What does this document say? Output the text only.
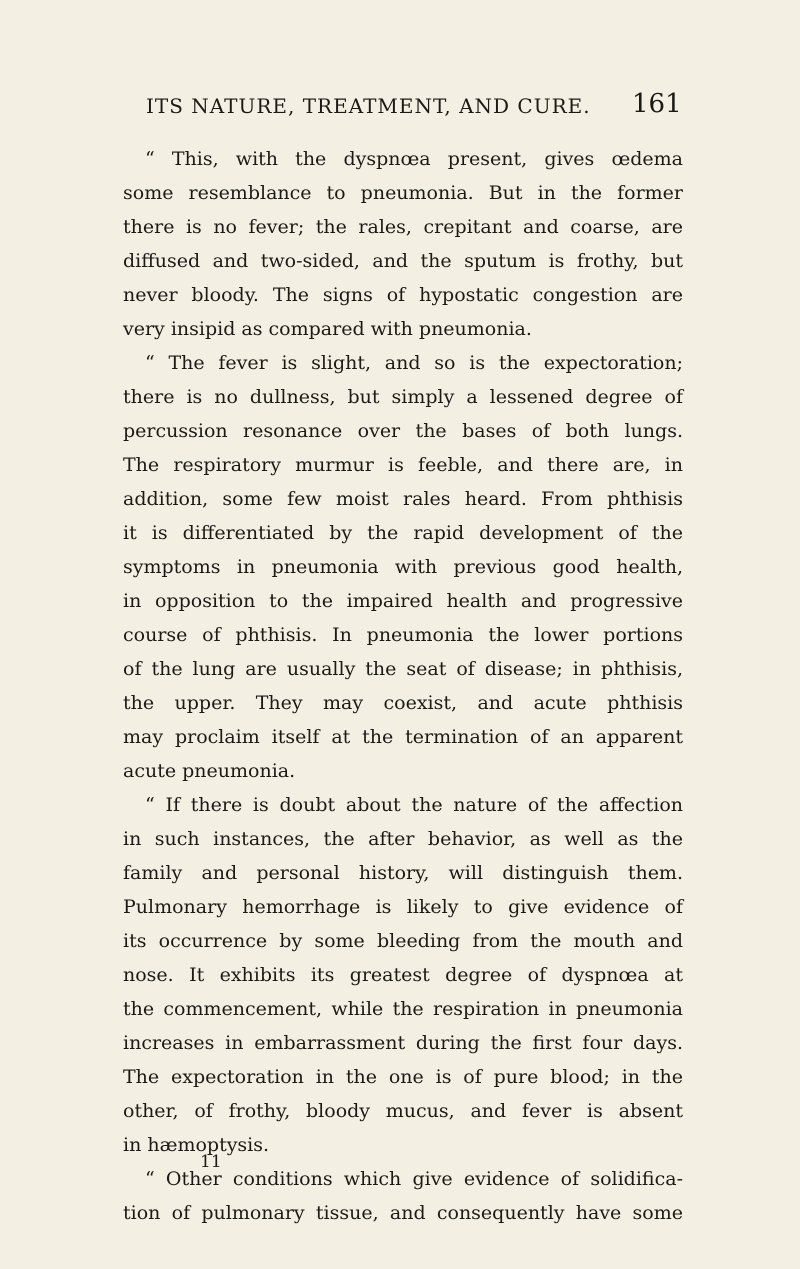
ITS NATURE, TREATMENT, AND CURE.	161
“ This, with the dyspnœa present, gives œdema
some resemblance to pneumonia. But in the former
there is no fever; the rales, crepitant and coarse, are
diffused and two-sided, and the sputum is frothy, but
never bloody. The signs of hypostatic congestion are
very insipid as compared with pneumonia.
“ The fever is slight, and so is the expectoration;
there is no dullness, but simply a lessened degree of
percussion resonance over the bases of both lungs.
The respiratory murmur is feeble, and there are, in
addition, some few moist rales heard. From phthisis
it is differentiated by the rapid development of the
symptoms in pneumonia with previous good health,
in opposition to the impaired health and progressive
course of phthisis. In pneumonia the lower portions
of the lung are usually the seat of disease; in phthisis,
the upper. They may coexist, and acute phthisis
may proclaim itself at the termination of an apparent
acute pneumonia.
“ If there is doubt about the nature of the affection
in such instances, the after behavior, as well as the
family and personal history, will distinguish them.
Pulmonary hemorrhage is likely to give evidence of
its occurrence by some bleeding from the mouth and
nose. It exhibits its greatest degree of dyspnœa at
the commencement, while the respiration in pneumonia
increases in embarrassment during the first four days.
The expectoration in the one is of pure blood; in the
other, of frothy, bloody mucus, and fever is absent
in hæmoptysis.
“ Other conditions which give evidence of solidifica-
tion of pulmonary tissue, and consequently have some
11
